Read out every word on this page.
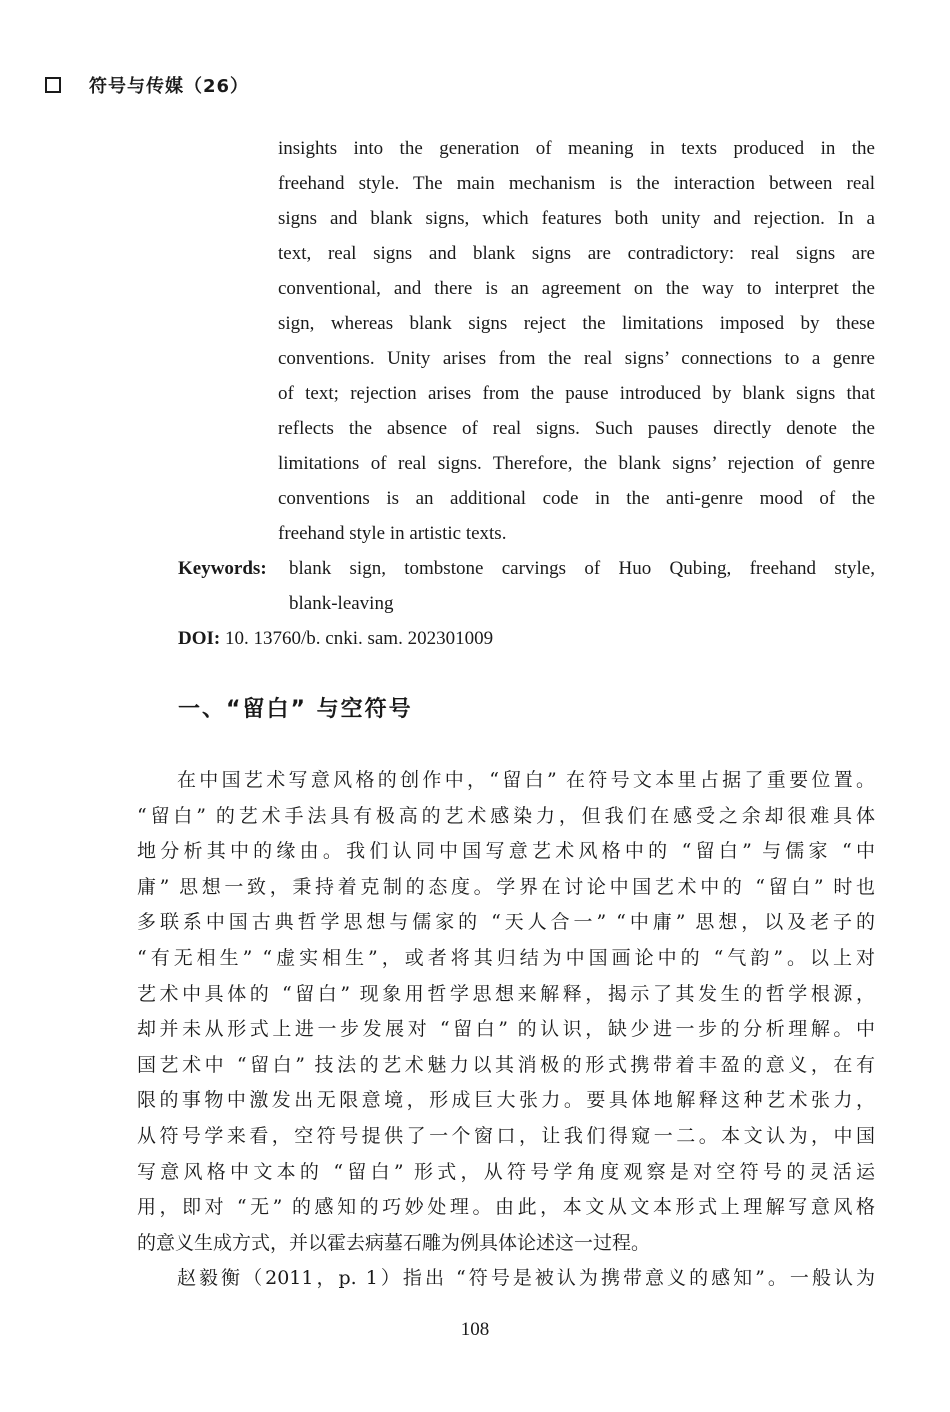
符号与传媒（26）

insights into the generation of meaning in texts produced in the

freehand style. The main mechanism is the interaction between real

signs and blank signs, which features both unity and rejection. In a

text, real signs and blank signs are contradictory: real signs are

conventional, and there is an agreement on the way to interpret the

sign, whereas blank signs reject the limitations imposed by these

conventions. Unity arises from the real signs’ connections to a genre

of text; rejection arises from the pause introduced by blank signs that

reflects the absence of real signs. Such pauses directly denote the

limitations of real signs. Therefore, the blank signs’ rejection of genre

conventions is an additional code in the anti-genre mood of the

freehand style in artistic texts.

Keywords:	blank sign, tombstone carvings of Huo Qubing, freehand style,
blank-leaving
DOI: 10. 13760/b. cnki. sam. 202301009
一、“留白” 与空符号
在中国艺术写意风格的创作中，“留白” 在符号文本里占据了重要位置。
“留白” 的艺术手法具有极高的艺术感染力，但我们在感受之余却很难具体
地分析其中的缘由。我们认同中国写意艺术风格中的 “留白” 与儒家 “中
庸” 思想一致，秉持着克制的态度。学界在讨论中国艺术中的 “留白” 时也
多联系中国古典哲学思想与儒家的 “天人合一” “中庸” 思想，以及老子的
“有无相生” “虚实相生”，或者将其归结为中国画论中的 “气韵”。以上对
艺术中具体的 “留白” 现象用哲学思想来解释，揭示了其发生的哲学根源，
却并未从形式上进一步发展对 “留白” 的认识，缺少进一步的分析理解。中
国艺术中 “留白” 技法的艺术魅力以其消极的形式携带着丰盈的意义，在有
限的事物中激发出无限意境，形成巨大张力。要具体地解释这种艺术张力，
从符号学来看，空符号提供了一个窗口，让我们得窥一二。本文认为，中国
写意风格中文本的 “留白” 形式，从符号学角度观察是对空符号的灵活运
用，即对 “无” 的感知的巧妙处理。由此，本文从文本形式上理解写意风格
的意义生成方式，并以霍去病墓石雕为例具体论述这一过程。
赵毅衡（2011，p. 1）指出 “符号是被认为携带意义的感知”。一般认为
108
